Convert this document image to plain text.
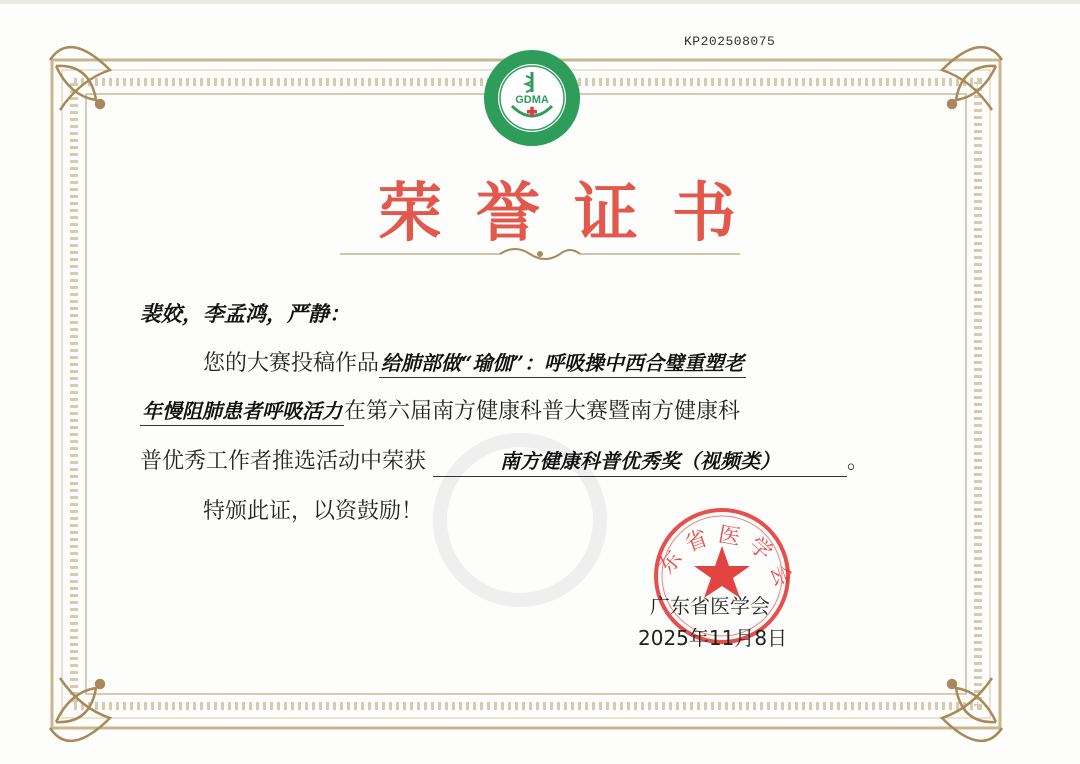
KP202508075
GDMA
荣誉证书
裴姣，李孟鸿，严静：
您的大赛投稿作品 给肺部做“瑜伽”：呼吸操中西合璧重塑老
年慢阻肺患者呼吸活力在第六届南方健康科普大赛暨南方健康科
普优秀工作者推选活动中荣获	南方健康科普优秀奖（视频类）	。
特颁此证，以资鼓励！
东省医学会
广东省医学会
2025年11月8日
